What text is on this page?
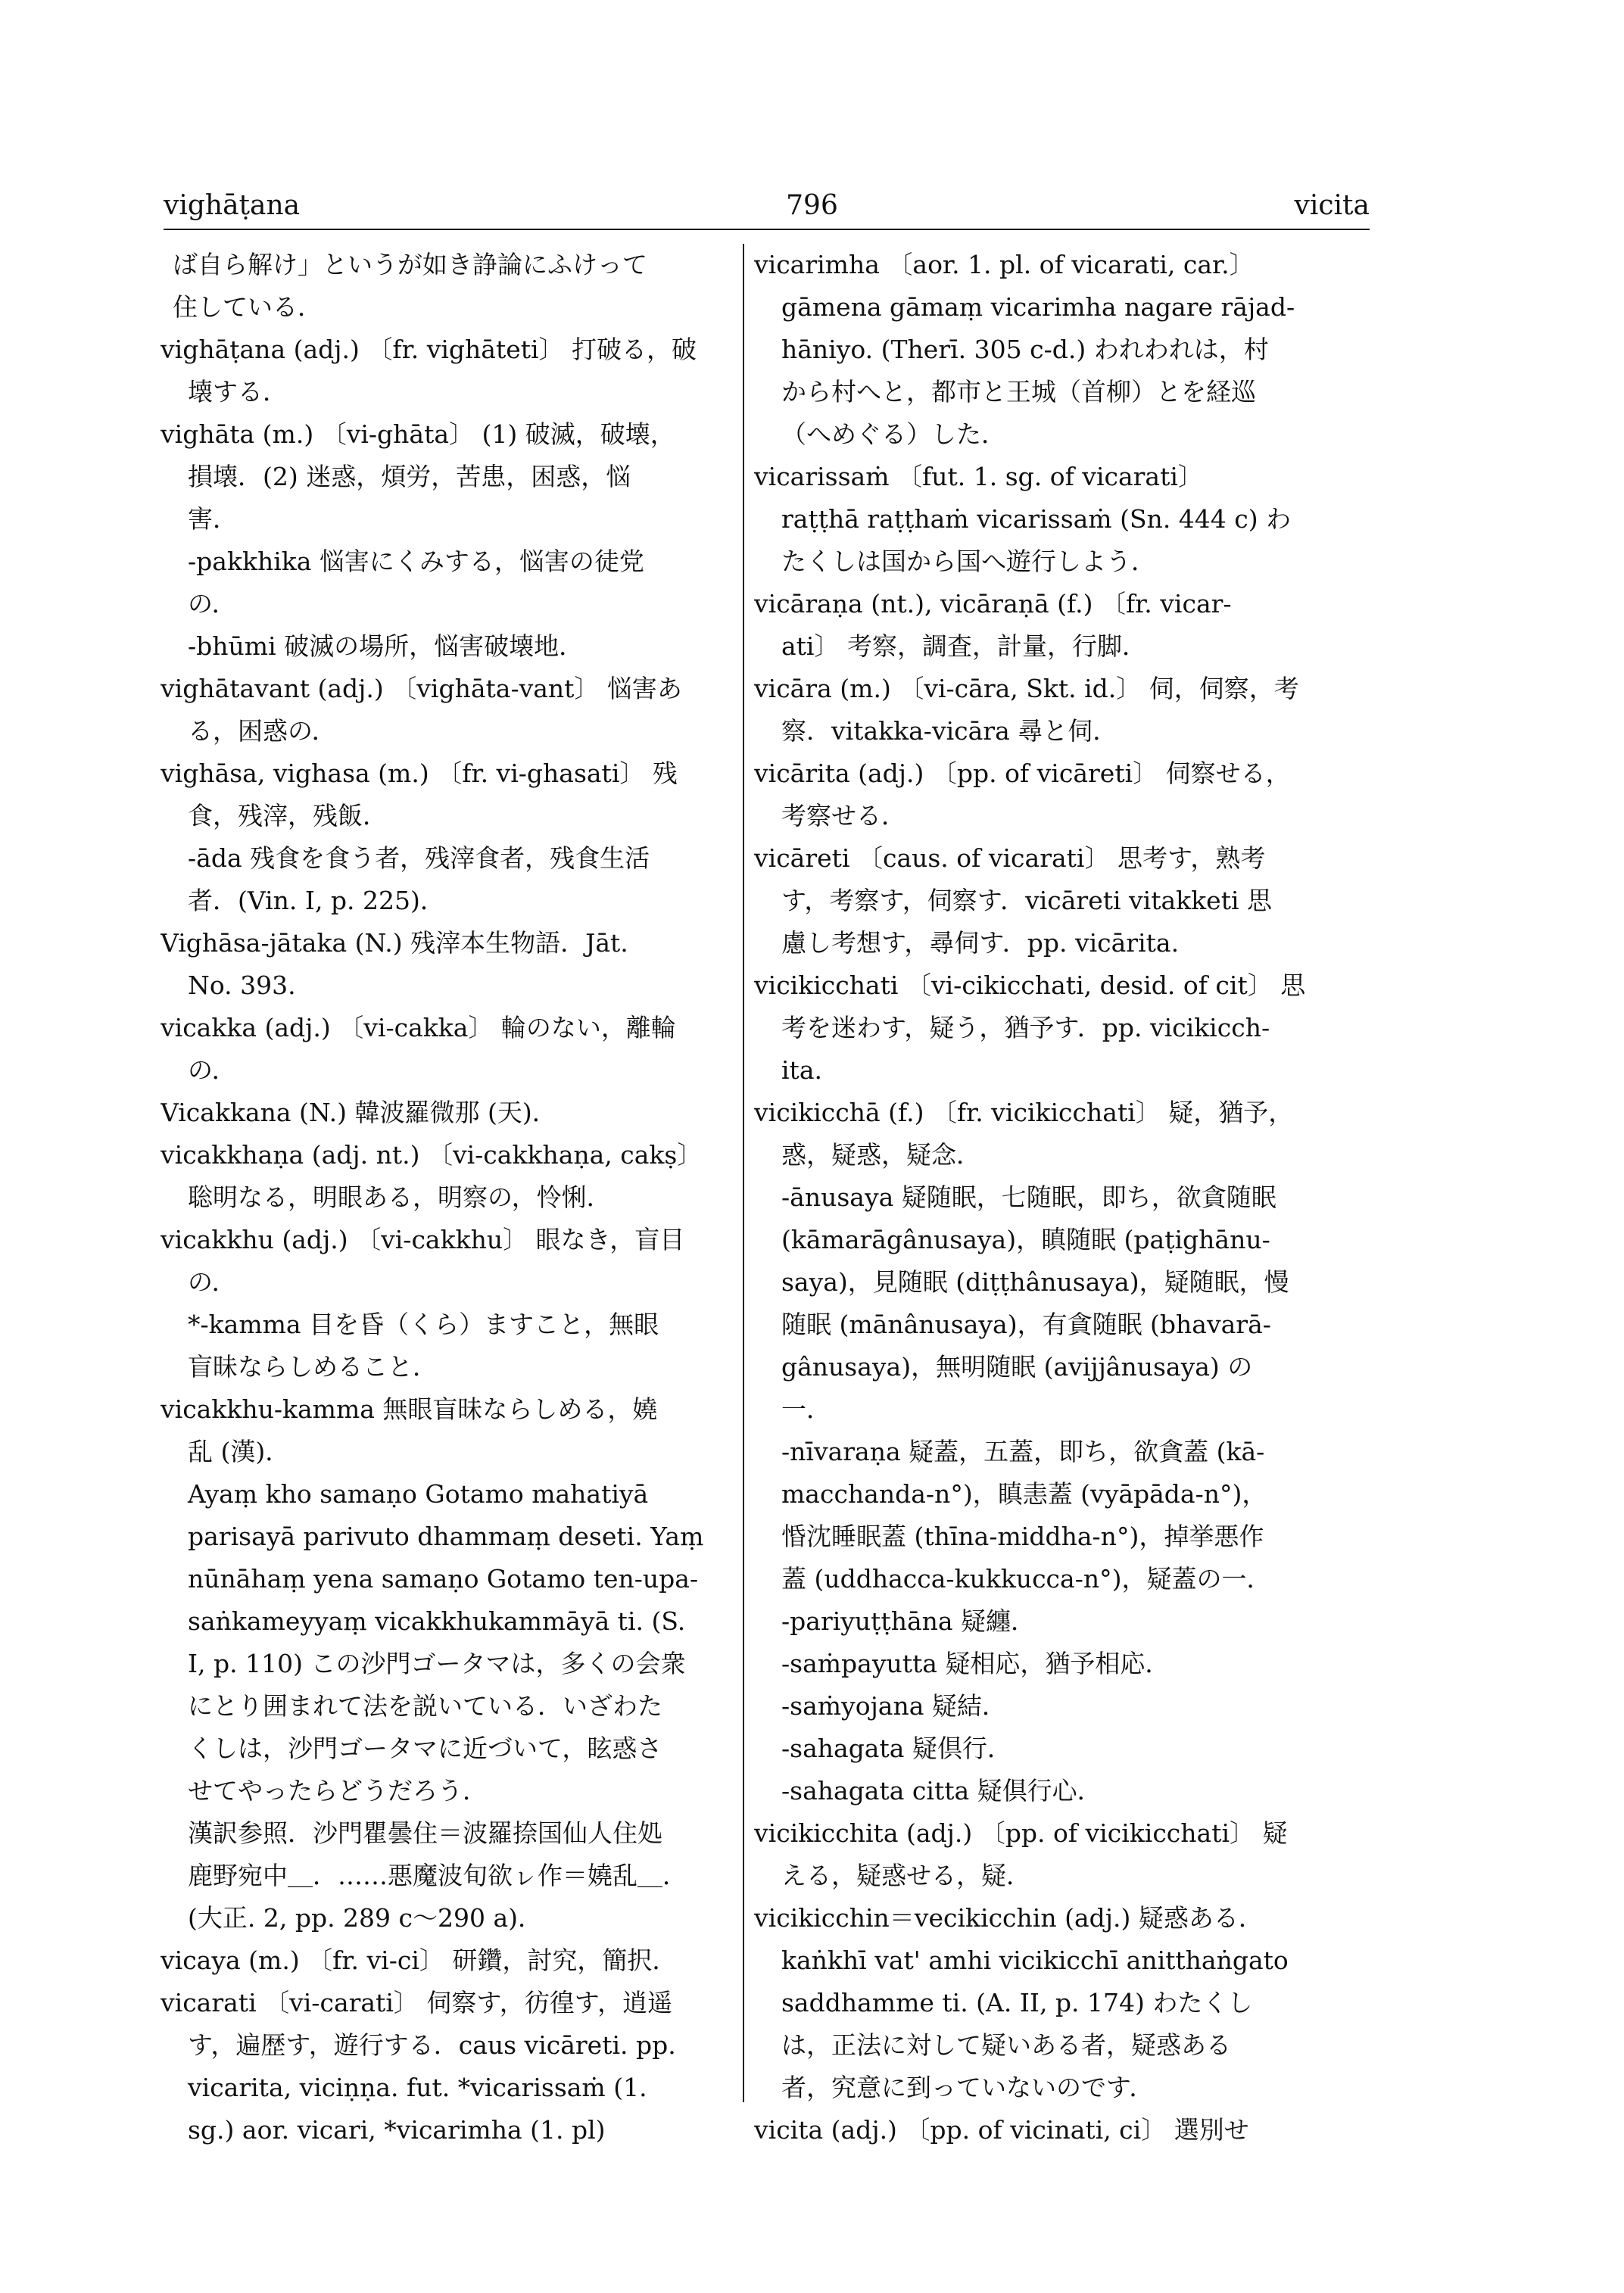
vighāṭana	796	vicita
ば自ら解け」というが如き諍論にふけって
住している．
vighāṭana (adj.) 〔fr. vighāteti〕 打破る，破
壊する．
vighāta (m.) 〔vi-ghāta〕 (1) 破滅，破壊，
損壊．(2) 迷惑，煩労，苦患，困惑，悩
害．
-pakkhika 悩害にくみする，悩害の徒党
の．
-bhūmi 破滅の場所，悩害破壊地．
vighātavant (adj.) 〔vighāta-vant〕 悩害あ
る，困惑の．
vighāsa, vighasa (m.) 〔fr. vi-ghasati〕 残
食，残滓，残飯．
-āda 残食を食う者，残滓食者，残食生活
者．(Vin. I, p. 225)．
Vighāsa-jātaka (N.) 残滓本生物語．Jāt.
No. 393.
vicakka (adj.) 〔vi-cakka〕 輪のない，離輪
の．
Vicakkana (N.) 韓波羅微那 (天)．
vicakkhaṇa (adj. nt.) 〔vi-cakkhaṇa, cakṣ〕
聡明なる，明眼ある，明察の，怜悧．
vicakkhu (adj.) 〔vi-cakkhu〕 眼なき，盲目
の．
*-kamma 目を昏（くら）ますこと，無眼
盲昧ならしめること．
vicakkhu-kamma 無眼盲昧ならしめる，嬈
乱 (漢)．
Ayaṃ kho samaṇo Gotamo mahatiyā
parisayā parivuto dhammaṃ deseti. Yaṃ
nūnāhaṃ yena samaṇo Gotamo ten-upa-
saṅkameyyaṃ vicakkhukammāyā ti. (S.
I, p. 110) この沙門ゴータマは，多くの会衆
にとり囲まれて法を説いている．いざわた
くしは，沙門ゴータマに近づいて，眩惑さ
せてやったらどうだろう．
漢訳参照．沙門瞿曇住＝波羅捺国仙人住処
鹿野宛中＿．……悪魔波旬欲ㇾ作＝嬈乱＿．
(大正. 2, pp. 289 c〜290 a)．
vicaya (m.) 〔fr. vi-ci〕 研鑽，討究，簡択．
vicarati 〔vi-carati〕 伺察す，彷徨す，逍遥
す，遍歴す，遊行する．caus vicāreti. pp.
vicarita, viciṇṇa. fut. *vicarissaṁ (1.
sg.) aor. vicari, *vicarimha (1. pl)
vicarimha 〔aor. 1. pl. of vicarati, car.〕
gāmena gāmaṃ vicarimha nagare rājad-
hāniyo. (Therī. 305 c-d.) われわれは，村
から村へと，都市と王城（首柳）とを経巡
（へめぐる）した．
vicarissaṁ 〔fut. 1. sg. of vicarati〕
raṭṭhā raṭṭhaṁ vicarissaṁ (Sn. 444 c) わ
たくしは国から国へ遊行しよう．
vicāraṇa (nt.), vicāraṇā (f.) 〔fr. vicar-
ati〕 考察，調査，計量，行脚．
vicāra (m.) 〔vi-cāra, Skt. id.〕 伺，伺察，考
察．vitakka-vicāra 尋と伺．
vicārita (adj.) 〔pp. of vicāreti〕 伺察せる，
考察せる．
vicāreti 〔caus. of vicarati〕 思考す，熟考
す，考察す，伺察す．vicāreti vitakketi 思
慮し考想す，尋伺す．pp. vicārita.
vicikicchati 〔vi-cikicchati, desid. of cit〕 思
考を迷わす，疑う，猶予す．pp. vicikicch-
ita.
vicikicchā (f.) 〔fr. vicikicchati〕 疑，猶予，
惑，疑惑，疑念．
-ānusaya 疑随眠，七随眠，即ち，欲貪随眠
(kāmarāgânusaya)，瞋随眠 (paṭighānu-
saya)，見随眠 (diṭṭhânusaya)，疑随眠，慢
随眠 (mānânusaya)，有貪随眠 (bhavarā-
gânusaya)，無明随眠 (avijjânusaya) の
一．
-nīvaraṇa 疑蓋，五蓋，即ち，欲貪蓋 (kā-
macchanda-n°)，瞋恚蓋 (vyāpāda-n°)，
惛沈睡眠蓋 (thīna-middha-n°)，掉挙悪作
蓋 (uddhacca-kukkucca-n°)，疑蓋の一．
-pariyuṭṭhāna 疑纏．
-saṁpayutta 疑相応，猶予相応．
-saṁyojana 疑結．
-sahagata 疑倶行．
-sahagata citta 疑倶行心．
vicikicchita (adj.) 〔pp. of vicikicchati〕 疑
える，疑惑せる，疑．
vicikicchin＝vecikicchin (adj.) 疑惑ある．
kaṅkhī vat' amhi vicikicchī anitthaṅgato
saddhamme ti. (A. II, p. 174) わたくし
は，正法に対して疑いある者，疑惑ある
者，究意に到っていないのです．
vicita (adj.) 〔pp. of vicinati, ci〕 選別せ
